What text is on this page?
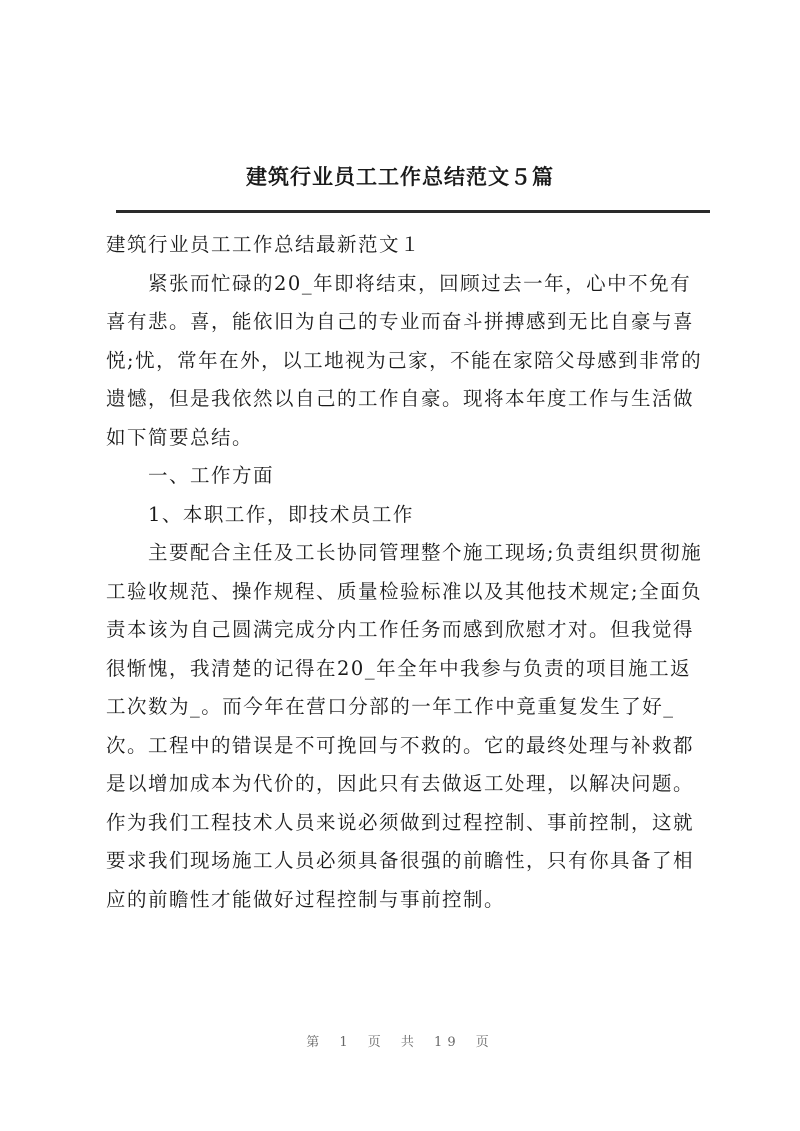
建筑行业员工工作总结范文５篇

建筑行业员工工作总结最新范文１

紧张而忙碌的20_年即将结束，回顾过去一年，心中不免有喜有悲。喜，能依旧为自己的专业而奋斗拼搏感到无比自豪与喜悦;忧，常年在外，以工地视为己家，不能在家陪父母感到非常的遗憾，但是我依然以自己的工作自豪。现将本年度工作与生活做如下简要总结。

一、工作方面

1、本职工作，即技术员工作

主要配合主任及工长协同管理整个施工现场;负责组织贯彻施工验收规范、操作规程、质量检验标准以及其他技术规定;全面负责本该为自己圆满完成分内工作任务而感到欣慰才对。但我觉得很惭愧，我清楚的记得在20_年全年中我参与负责的项目施工返工次数为_。而今年在营口分部的一年工作中竟重复发生了好_次。工程中的错误是不可挽回与不救的。它的最终处理与补救都是以增加成本为代价的，因此只有去做返工处理，以解决问题。作为我们工程技术人员来说必须做到过程控制、事前控制，这就要求我们现场施工人员必须具备很强的前瞻性，只有你具备了相应的前瞻性才能做好过程控制与事前控制。

第 1 页 共 19 页
